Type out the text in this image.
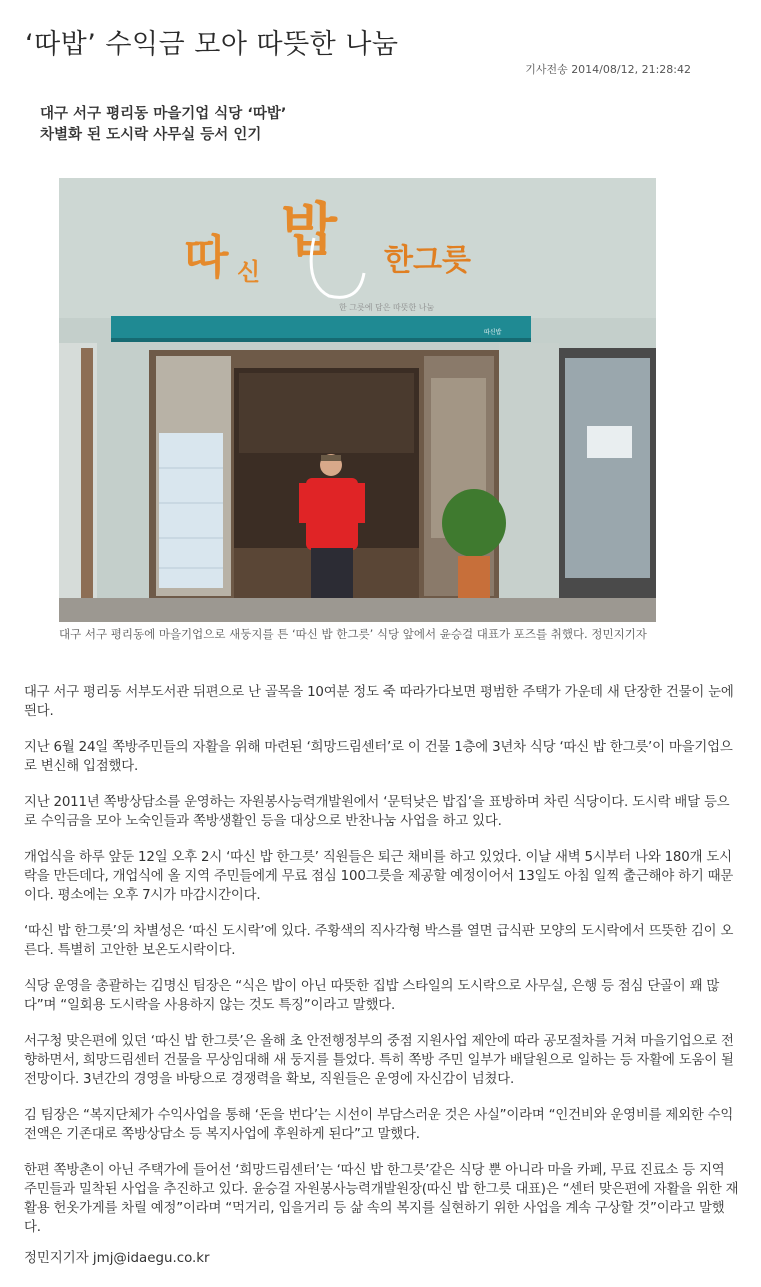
‘따밥’ 수익금 모아 따뜻한 나눔
기사전송 2014/08/12, 21:28:42
대구 서구 평리동 마을기업 식당 ‘따밥’
차별화 된 도시락 사무실 등서 인기
따 신
밥 한그릇
한 그릇에 담은 따뜻한 나눔
따신밥
대구 서구 평리동에 마을기업으로 새둥지를 튼 ‘따신 밥 한그릇’ 식당 앞에서 윤승걸 대표가 포즈를 취했다. 정민지기자

대구 서구 평리동 서부도서관 뒤편으로 난 골목을 10여분 정도 죽 따라가다보면 평범한 주택가 가운데 새 단장한 건물이 눈에 띈다.

지난 6월 24일 쪽방주민들의 자활을 위해 마련된 ‘희망드림센터’로 이 건물 1층에 3년차 식당 ‘따신 밥 한그릇’이 마을기업으로 변신해 입점했다.

지난 2011년 쪽방상담소를 운영하는 자원봉사능력개발원에서 ‘문턱낮은 밥집’을 표방하며 차린 식당이다. 도시락 배달 등으로 수익금을 모아 노숙인들과 쪽방생활인 등을 대상으로 반찬나눔 사업을 하고 있다.

개업식을 하루 앞둔 12일 오후 2시 ‘따신 밥 한그릇’ 직원들은 퇴근 채비를 하고 있었다. 이날 새벽 5시부터 나와 180개 도시락을 만든데다, 개업식에 올 지역 주민들에게 무료 점심 100그릇을 제공할 예정이어서 13일도 아침 일찍 출근해야 하기 때문이다. 평소에는 오후 7시가 마감시간이다.

‘따신 밥 한그릇’의 차별성은 ‘따신 도시락’에 있다. 주황색의 직사각형 박스를 열면 급식판 모양의 도시락에서 뜨뜻한 김이 오른다. 특별히 고안한 보온도시락이다.

식당 운영을 총괄하는 김명신 팀장은 “식은 밥이 아닌 따뜻한 집밥 스타일의 도시락으로 사무실, 은행 등 점심 단골이 꽤 많다”며 “일회용 도시락을 사용하지 않는 것도 특징”이라고 말했다.

서구청 맞은편에 있던 ‘따신 밥 한그릇’은 올해 초 안전행정부의 중점 지원사업 제안에 따라 공모절차를 거쳐 마을기업으로 전향하면서, 희망드림센터 건물을 무상임대해 새 둥지를 틀었다. 특히 쪽방 주민 일부가 배달원으로 일하는 등 자활에 도움이 될 전망이다. 3년간의 경영을 바탕으로 경쟁력을 확보, 직원들은 운영에 자신감이 넘쳤다.

김 팀장은 “복지단체가 수익사업을 통해 ‘돈을 번다’는 시선이 부담스러운 것은 사실”이라며 “인건비와 운영비를 제외한 수익 전액은 기존대로 쪽방상담소 등 복지사업에 후원하게 된다”고 말했다.

한편 쪽방촌이 아닌 주택가에 들어선 ‘희망드림센터’는 ‘따신 밥 한그릇’같은 식당 뿐 아니라 마을 카페, 무료 진료소 등 지역 주민들과 밀착된 사업을 추진하고 있다. 윤승걸 자원봉사능력개발원장(따신 밥 한그릇 대표)은 “센터 맞은편에 자활을 위한 재활용 헌옷가게를 차릴 예정”이라며 “먹거리, 입을거리 등 삶 속의 복지를 실현하기 위한 사업을 계속 구상할 것”이라고 말했다.

정민지기자 jmj@idaegu.co.kr
